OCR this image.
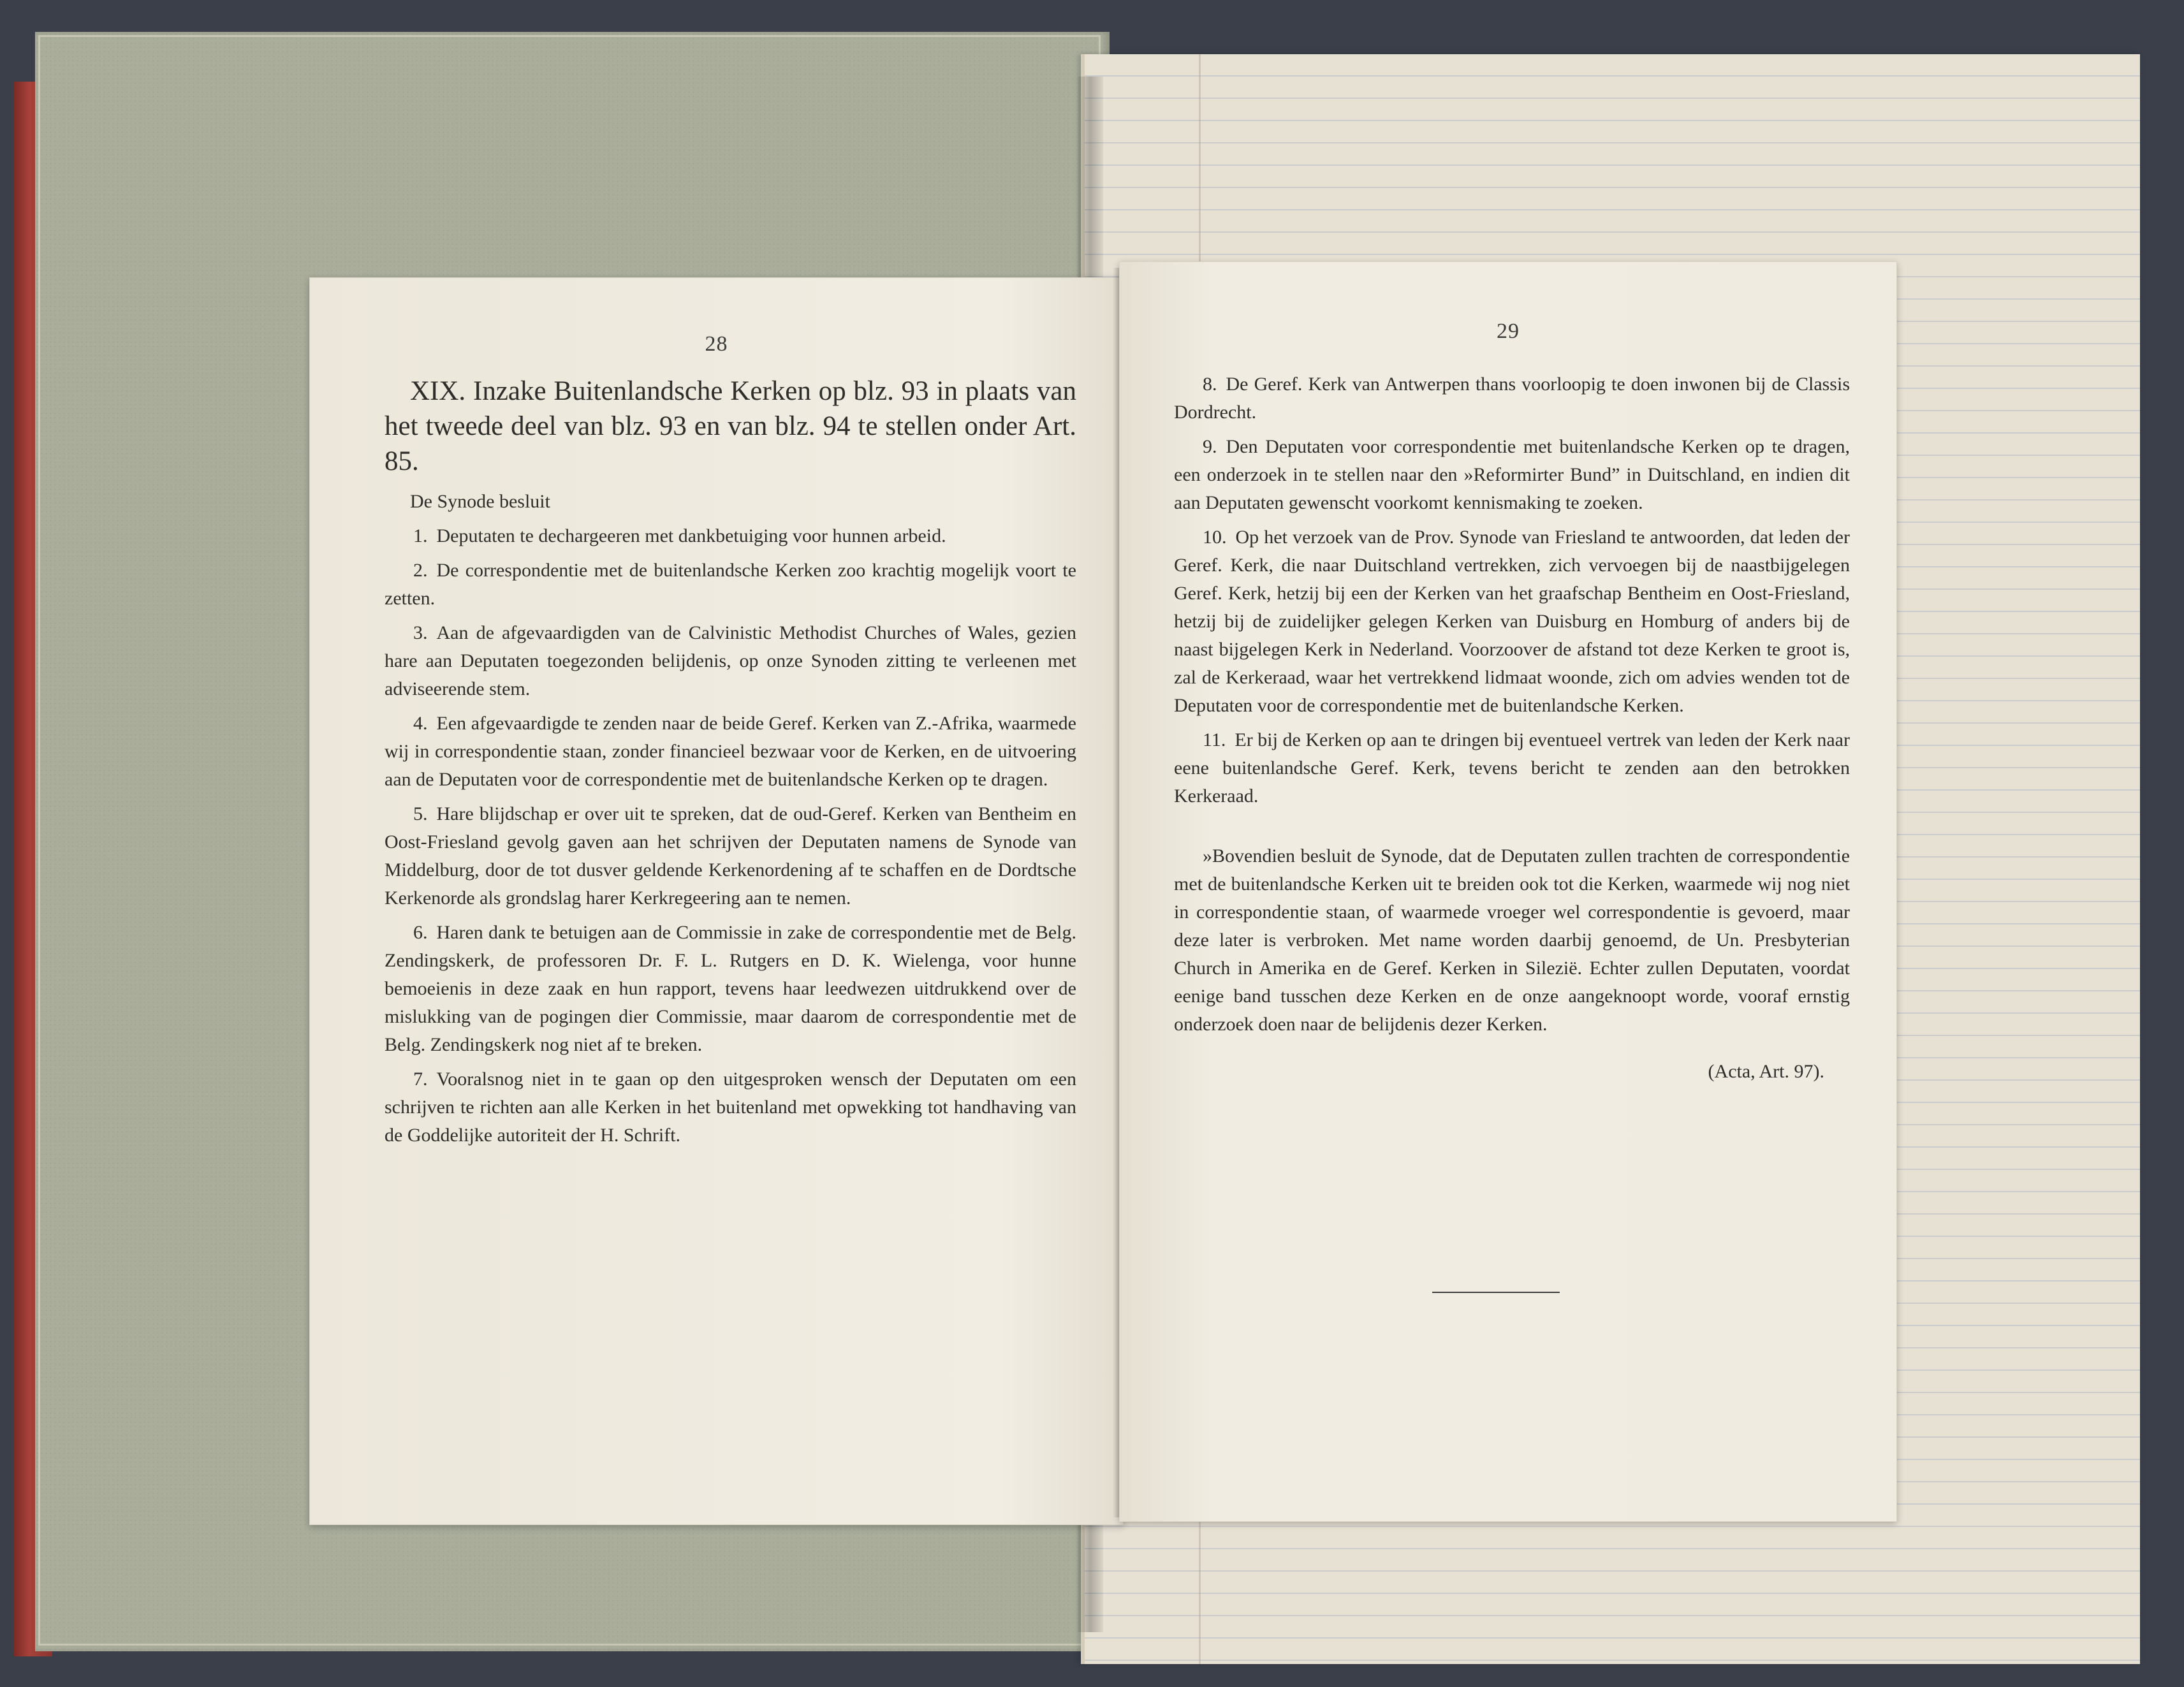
28

XIX. Inzake Buitenlandsche Kerken op blz. 93 in plaats van het tweede deel van blz. 93 en van blz. 94 te stellen onder Art. 85.

De Synode besluit

1. Deputaten te dechargeeren met dankbetuiging voor hunnen arbeid.

2. De correspondentie met de buitenlandsche Kerken zoo krachtig mogelijk voort te zetten.

3. Aan de afgevaardigden van de Calvinistic Methodist Churches of Wales, gezien hare aan Deputaten toegezonden belijdenis, op onze Synoden zitting te verleenen met adviseerende stem.

4. Een afgevaardigde te zenden naar de beide Geref. Kerken van Z.-Afrika, waarmede wij in correspondentie staan, zonder financieel bezwaar voor de Kerken, en de uitvoering aan de Deputaten voor de correspondentie met de buitenlandsche Kerken op te dragen.

5. Hare blijdschap er over uit te spreken, dat de oud-Geref. Kerken van Bentheim en Oost-Friesland gevolg gaven aan het schrijven der Deputaten namens de Synode van Middelburg, door de tot dusver geldende Kerkenordening af te schaffen en de Dordtsche Kerkenorde als grondslag harer Kerkregeering aan te nemen.

6. Haren dank te betuigen aan de Commissie in zake de correspondentie met de Belg. Zendingskerk, de professoren Dr. F. L. Rutgers en D. K. Wielenga, voor hunne bemoeienis in deze zaak en hun rapport, tevens haar leedwezen uitdrukkend over de mislukking van de pogingen dier Commissie, maar daarom de correspondentie met de Belg. Zendingskerk nog niet af te breken.

7. Vooralsnog niet in te gaan op den uitgesproken wensch der Deputaten om een schrijven te richten aan alle Kerken in het buitenland met opwekking tot handhaving van de Goddelijke autoriteit der H. Schrift.

29

8. De Geref. Kerk van Antwerpen thans voorloopig te doen inwonen bij de Classis Dordrecht.

9. Den Deputaten voor correspondentie met buitenlandsche Kerken op te dragen, een onderzoek in te stellen naar den »Reformirter Bund” in Duitschland, en indien dit aan Deputaten gewenscht voorkomt kennismaking te zoeken.

10. Op het verzoek van de Prov. Synode van Friesland te antwoorden, dat leden der Geref. Kerk, die naar Duitschland vertrekken, zich vervoegen bij de naastbijgelegen Geref. Kerk, hetzij bij een der Kerken van het graafschap Bentheim en Oost-Friesland, hetzij bij de zuidelijker gelegen Kerken van Duisburg en Homburg of anders bij de naast bijgelegen Kerk in Nederland. Voorzoover de afstand tot deze Kerken te groot is, zal de Kerkeraad, waar het vertrekkend lidmaat woonde, zich om advies wenden tot de Deputaten voor de correspondentie met de buitenlandsche Kerken.

11. Er bij de Kerken op aan te dringen bij eventueel vertrek van leden der Kerk naar eene buitenlandsche Geref. Kerk, tevens bericht te zenden aan den betrokken Kerkeraad.

»Bovendien besluit de Synode, dat de Deputaten zullen trachten de correspondentie met de buitenlandsche Kerken uit te breiden ook tot die Kerken, waarmede wij nog niet in correspondentie staan, of waarmede vroeger wel correspondentie is gevoerd, maar deze later is verbroken. Met name worden daarbij genoemd, de Un. Presbyterian Church in Amerika en de Geref. Kerken in Silezië. Echter zullen Deputaten, voordat eenige band tusschen deze Kerken en de onze aangeknoopt worde, vooraf ernstig onderzoek doen naar de belijdenis dezer Kerken.

(Acta, Art. 97).
